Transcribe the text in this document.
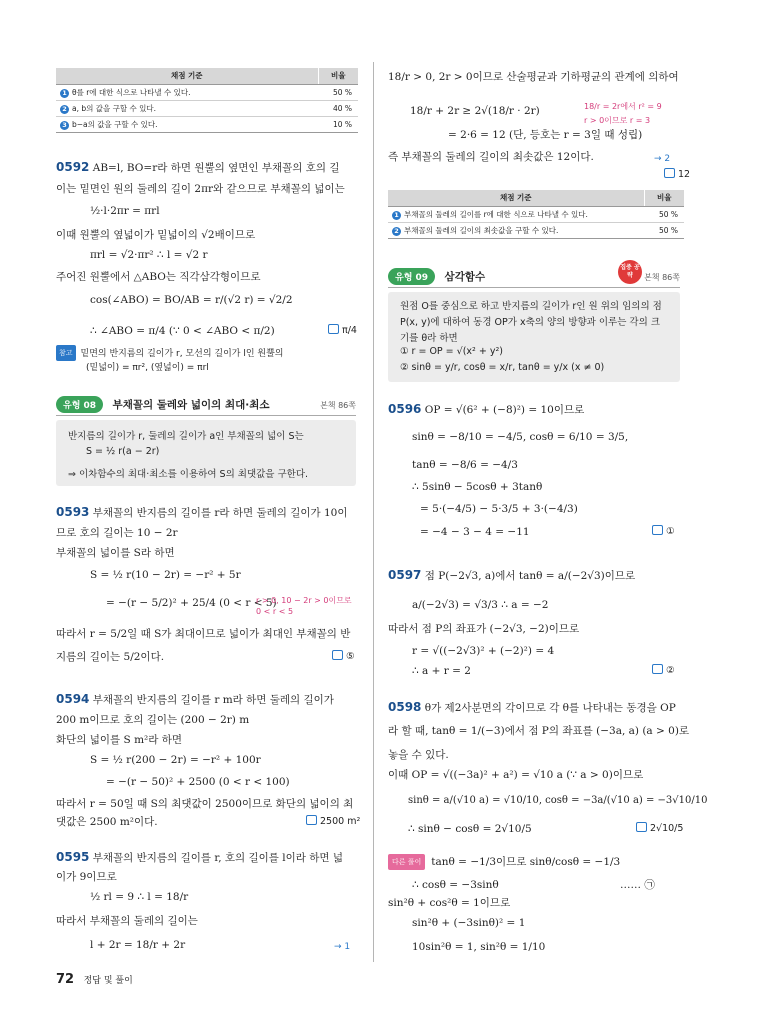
채점 기준	비율
1 θ를 r에 대한 식으로 나타낼 수 있다.	50 %
2 a, b의 값을 구할 수 있다.	40 %
3 b−a의 값을 구할 수 있다.	10 %
0592 AB=l, BO=r라 하면 원뿔의 옆면인 부채꼴의 호의 길
이는 밑면인 원의 둘레의 길이 2πr와 같으므로 부채꼴의 넓이는
½·l·2πr = πrl
이때 원뿔의 옆넓이가 밑넓이의 √2배이므로
πrl = √2·πr² ∴ l = √2 r
주어진 원뿔에서 △ABO는 직각삼각형이므로
cos(∠ABO) = BO/AB = r/(√2 r) = √2/2
∴ ∠ABO = π/4 (∵ 0 < ∠ABO < π/2)	π/4
참고 밑면의 반지름의 길이가 r, 모선의 길이가 l인 원뿔의
(밑넓이) = πr², (옆넓이) = πrl
유형 08 부채꼴의 둘레와 넓이의 최대·최소	본책 86쪽
반지름의 길이가 r, 둘레의 길이가 a인 부채꼴의 넓이 S는
S = ½ r(a − 2r)
⇒ 이차함수의 최대·최소를 이용하여 S의 최댓값을 구한다.
0593 부채꼴의 반지름의 길이를 r라 하면 둘레의 길이가 10이
므로 호의 길이는 10 − 2r
부채꼴의 넓이를 S라 하면
S = ½ r(10 − 2r) = −r² + 5r
= −(r − 5/2)² + 25/4 (0 < r < 5)
r > 0, 10 − 2r > 0이므로
0 < r < 5
따라서 r = 5/2일 때 S가 최대이므로 넓이가 최대인 부채꼴의 반
지름의 길이는 5/2이다.	⑤
0594 부채꼴의 반지름의 길이를 r m라 하면 둘레의 길이가
200 m이므로 호의 길이는 (200 − 2r) m
화단의 넓이를 S m²라 하면
S = ½ r(200 − 2r) = −r² + 100r
= −(r − 50)² + 2500 (0 < r < 100)
따라서 r = 50일 때 S의 최댓값이 2500이므로 화단의 넓이의 최
댓값은 2500 m²이다.	2500 m²
0595 부채꼴의 반지름의 길이를 r, 호의 길이를 l이라 하면 넓
이가 9이므로
½ rl = 9 ∴ l = 18/r
따라서 부채꼴의 둘레의 길이는
l + 2r = 18/r + 2r	→ 1
18/r > 0, 2r > 0이므로 산술평균과 기하평균의 관계에 의하여
18/r + 2r ≥ 2√(18/r · 2r)	18/r = 2r에서 r² = 9
r > 0이므로 r = 3
= 2·6 = 12 (단, 등호는 r = 3일 때 성립)
즉 부채꼴의 둘레의 길이의 최솟값은 12이다.	→ 2
12
채점 기준	비율
1 부채꼴의 둘레의 길이를 r에 대한 식으로 나타낼 수 있다.	50 %
2 부채꼴의 둘레의 길이의 최솟값을 구할 수 있다.	50 %
유형 09 삼각함수
집중 공략	본책 86쪽
원점 O를 중심으로 하고 반지름의 길이가 r인 원 위의 임의의 점
P(x, y)에 대하여 동경 OP가 x축의 양의 방향과 이루는 각의 크
기를 θ라 하면
① r = OP = √(x² + y²)
② sinθ = y/r, cosθ = x/r, tanθ = y/x (x ≠ 0)
0596 OP = √(6² + (−8)²) = 10이므로
sinθ = −8/10 = −4/5, cosθ = 6/10 = 3/5,
tanθ = −8/6 = −4/3
∴ 5sinθ − 5cosθ + 3tanθ
= 5·(−4/5) − 5·3/5 + 3·(−4/3)
= −4 − 3 − 4 = −11	①
0597 점 P(−2√3, a)에서 tanθ = a/(−2√3)이므로
a/(−2√3) = √3/3 ∴ a = −2
따라서 점 P의 좌표가 (−2√3, −2)이므로
r = √((−2√3)² + (−2)²) = 4
∴ a + r = 2	②
0598 θ가 제2사분면의 각이므로 각 θ를 나타내는 동경을 OP
라 할 때, tanθ = 1/(−3)에서 점 P의 좌표를 (−3a, a) (a > 0)로
놓을 수 있다.
이때 OP = √((−3a)² + a²) = √10 a (∵ a > 0)이므로
sinθ = a/(√10 a) = √10/10, cosθ = −3a/(√10 a) = −3√10/10
∴ sinθ − cosθ = 2√10/5	2√10/5
다른 풀이 tanθ = −1/3이므로 sinθ/cosθ = −1/3
∴ cosθ = −3sinθ	…… ㉠
sin²θ + cos²θ = 1이므로
sin²θ + (−3sinθ)² = 1
10sin²θ = 1, sin²θ = 1/10
72 정답 및 풀이
